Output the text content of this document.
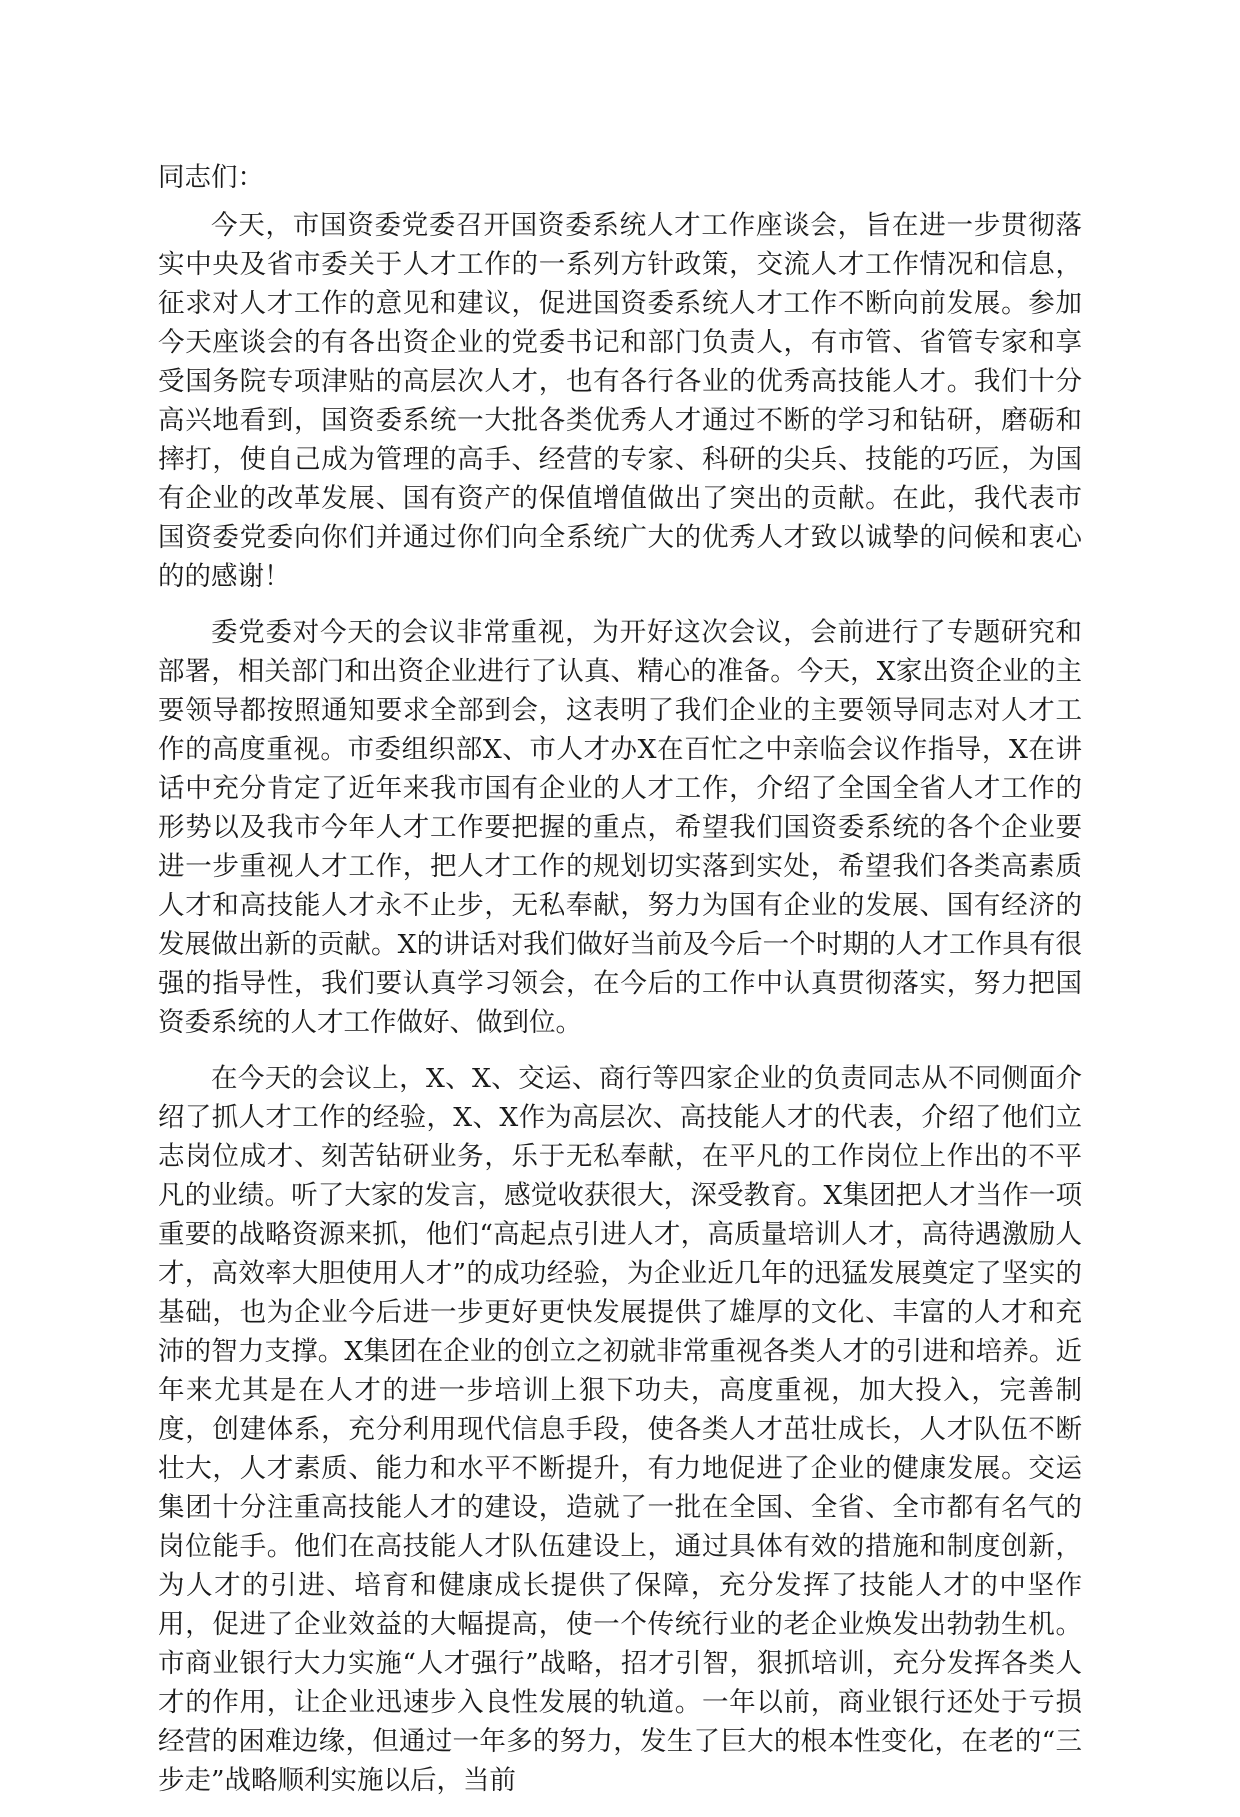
同志们：

今天，市国资委党委召开国资委系统人才工作座谈会，旨在进一步贯彻落实中央及省市委关于人才工作的一系列方针政策，交流人才工作情况和信息，征求对人才工作的意见和建议，促进国资委系统人才工作不断向前发展。参加今天座谈会的有各出资企业的党委书记和部门负责人，有市管、省管专家和享受国务院专项津贴的高层次人才，也有各行各业的优秀高技能人才。我们十分高兴地看到，国资委系统一大批各类优秀人才通过不断的学习和钻研，磨砺和摔打，使自己成为管理的高手、经营的专家、科研的尖兵、技能的巧匠，为国有企业的改革发展、国有资产的保值增值做出了突出的贡献。在此，我代表市国资委党委向你们并通过你们向全系统广大的优秀人才致以诚挚的问候和衷心的的感谢！

委党委对今天的会议非常重视，为开好这次会议，会前进行了专题研究和部署，相关部门和出资企业进行了认真、精心的准备。今天，X家出资企业的主要领导都按照通知要求全部到会，这表明了我们企业的主要领导同志对人才工作的高度重视。市委组织部X、市人才办X在百忙之中亲临会议作指导，X在讲话中充分肯定了近年来我市国有企业的人才工作，介绍了全国全省人才工作的形势以及我市今年人才工作要把握的重点，希望我们国资委系统的各个企业要进一步重视人才工作，把人才工作的规划切实落到实处，希望我们各类高素质人才和高技能人才永不止步，无私奉献，努力为国有企业的发展、国有经济的发展做出新的贡献。X的讲话对我们做好当前及今后一个时期的人才工作具有很强的指导性，我们要认真学习领会，在今后的工作中认真贯彻落实，努力把国资委系统的人才工作做好、做到位。

在今天的会议上，X、X、交运、商行等四家企业的负责同志从不同侧面介绍了抓人才工作的经验，X、X作为高层次、高技能人才的代表，介绍了他们立志岗位成才、刻苦钻研业务，乐于无私奉献，在平凡的工作岗位上作出的不平凡的业绩。听了大家的发言，感觉收获很大，深受教育。X集团把人才当作一项重要的战略资源来抓，他们“高起点引进人才，高质量培训人才，高待遇激励人才，高效率大胆使用人才”的成功经验，为企业近几年的迅猛发展奠定了坚实的基础，也为企业今后进一步更好更快发展提供了雄厚的文化、丰富的人才和充沛的智力支撑。X集团在企业的创立之初就非常重视各类人才的引进和培养。近年来尤其是在人才的进一步培训上狠下功夫，高度重视，加大投入，完善制度，创建体系，充分利用现代信息手段，使各类人才茁壮成长，人才队伍不断壮大，人才素质、能力和水平不断提升，有力地促进了企业的健康发展。交运集团十分注重高技能人才的建设，造就了一批在全国、全省、全市都有名气的岗位能手。他们在高技能人才队伍建设上，通过具体有效的措施和制度创新，为人才的引进、培育和健康成长提供了保障，充分发挥了技能人才的中坚作用，促进了企业效益的大幅提高，使一个传统行业的老企业焕发出勃勃生机。市商业银行大力实施“人才强行”战略，招才引智，狠抓培训，充分发挥各类人才的作用，让企业迅速步入良性发展的轨道。一年以前，商业银行还处于亏损经营的困难边缘，但通过一年多的努力，发生了巨大的根本性变化，在老的“三步走”战略顺利实施以后，当前
